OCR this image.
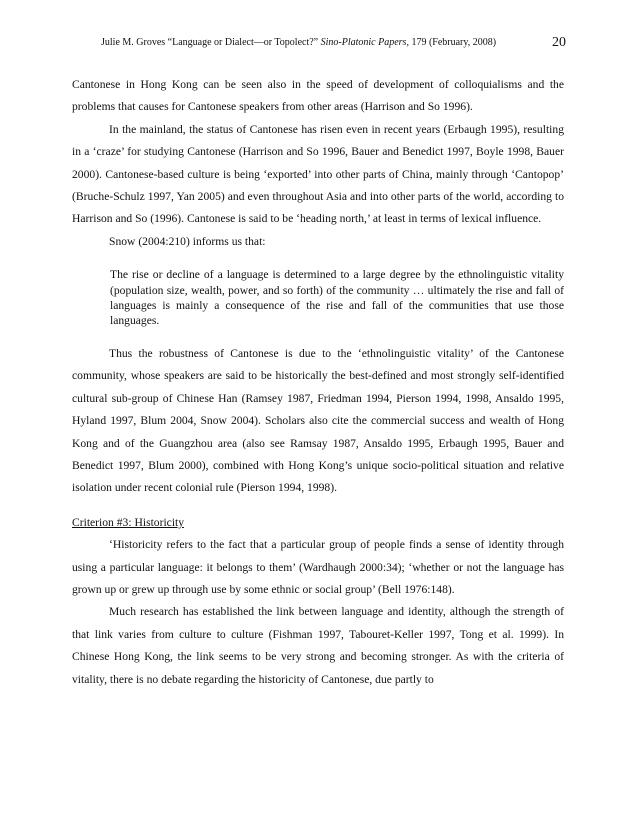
Julie M. Groves “Language or Dialect—or Topolect?” Sino-Platonic Papers, 179 (February, 2008)	20

Cantonese in Hong Kong can be seen also in the speed of development of colloquialisms and the problems that causes for Cantonese speakers from other areas (Harrison and So 1996).

In the mainland, the status of Cantonese has risen even in recent years (Erbaugh 1995), resulting in a ‘craze’ for studying Cantonese (Harrison and So 1996, Bauer and Benedict 1997, Boyle 1998, Bauer 2000). Cantonese-based culture is being ‘exported’ into other parts of China, mainly through ‘Cantopop’ (Bruche-Schulz 1997, Yan 2005) and even throughout Asia and into other parts of the world, according to Harrison and So (1996). Cantonese is said to be ‘heading north,’ at least in terms of lexical influence.

Snow (2004:210) informs us that:

The rise or decline of a language is determined to a large degree by the ethnolinguistic vitality (population size, wealth, power, and so forth) of the community … ultimately the rise and fall of languages is mainly a consequence of the rise and fall of the communities that use those languages.

Thus the robustness of Cantonese is due to the ‘ethnolinguistic vitality’ of the Cantonese community, whose speakers are said to be historically the best-defined and most strongly self-identified cultural sub-group of Chinese Han (Ramsey 1987, Friedman 1994, Pierson 1994, 1998, Ansaldo 1995, Hyland 1997, Blum 2004, Snow 2004). Scholars also cite the commercial success and wealth of Hong Kong and of the Guangzhou area (also see Ramsay 1987, Ansaldo 1995, Erbaugh 1995, Bauer and Benedict 1997, Blum 2000), combined with Hong Kong’s unique socio-political situation and relative isolation under recent colonial rule (Pierson 1994, 1998).

Criterion #3: Historicity

‘Historicity refers to the fact that a particular group of people finds a sense of identity through using a particular language: it belongs to them’ (Wardhaugh 2000:34); ‘whether or not the language has grown up or grew up through use by some ethnic or social group’ (Bell 1976:148).

Much research has established the link between language and identity, although the strength of that link varies from culture to culture (Fishman 1997, Tabouret-Keller 1997, Tong et al. 1999). In Chinese Hong Kong, the link seems to be very strong and becoming stronger. As with the criteria of vitality, there is no debate regarding the historicity of Cantonese, due partly to
